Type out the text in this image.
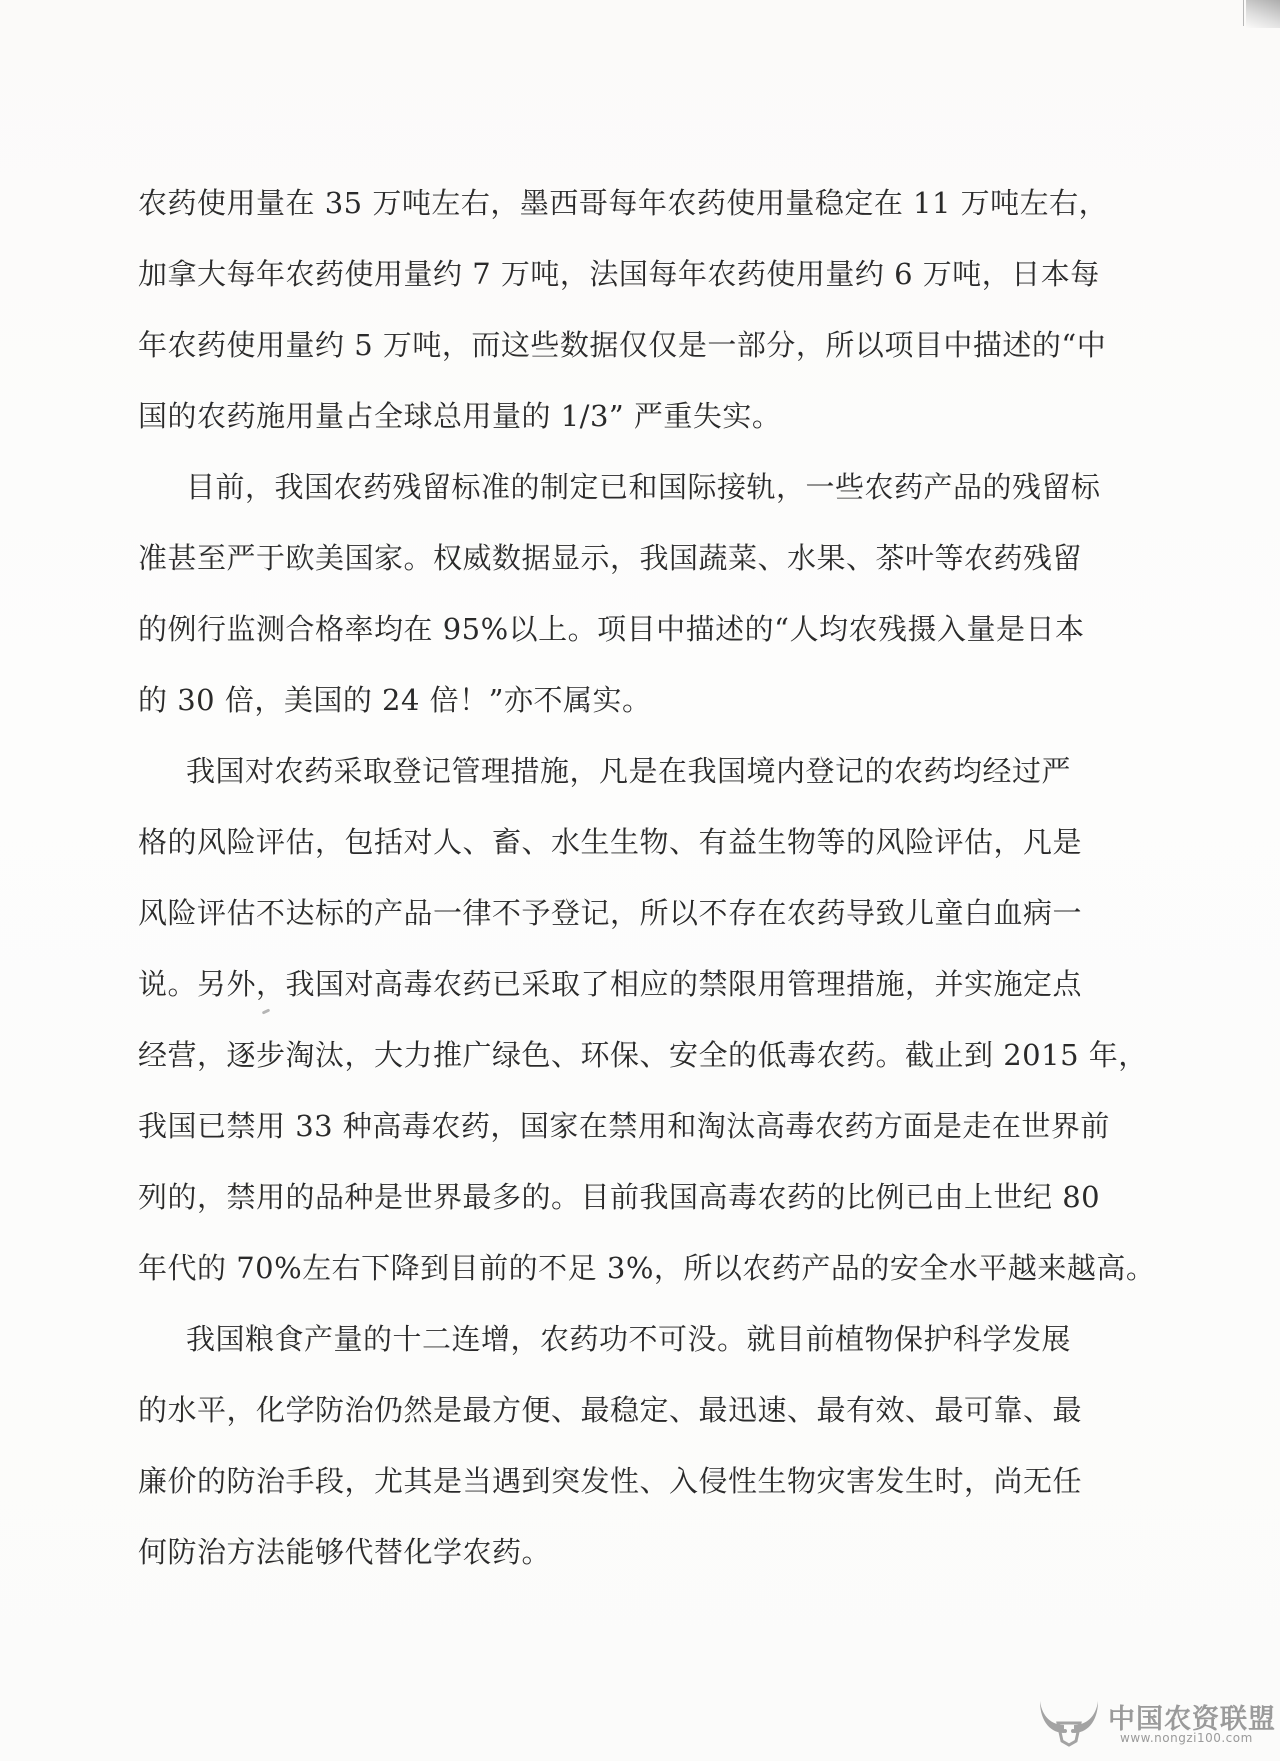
农药使用量在 35 万吨左右，墨西哥每年农药使用量稳定在 11 万吨左右，
加拿大每年农药使用量约 7 万吨，法国每年农药使用量约 6 万吨，日本每
年农药使用量约 5 万吨，而这些数据仅仅是一部分，所以项目中描述的“中
国的农药施用量占全球总用量的 1/3” 严重失实。
目前，我国农药残留标准的制定已和国际接轨，一些农药产品的残留标
准甚至严于欧美国家。权威数据显示，我国蔬菜、水果、茶叶等农药残留
的例行监测合格率均在 95%以上。项目中描述的“人均农残摄入量是日本
的 30 倍，美国的 24 倍！”亦不属实。
我国对农药采取登记管理措施，凡是在我国境内登记的农药均经过严
格的风险评估，包括对人、畜、水生生物、有益生物等的风险评估，凡是
风险评估不达标的产品一律不予登记，所以不存在农药导致儿童白血病一
说。另外，我国对高毒农药已采取了相应的禁限用管理措施，并实施定点
经营，逐步淘汰，大力推广绿色、环保、安全的低毒农药。截止到 2015 年，
我国已禁用 33 种高毒农药，国家在禁用和淘汰高毒农药方面是走在世界前
列的，禁用的品种是世界最多的。目前我国高毒农药的比例已由上世纪 80
年代的 70%左右下降到目前的不足 3%，所以农药产品的安全水平越来越高。
我国粮食产量的十二连增，农药功不可没。就目前植物保护科学发展
的水平，化学防治仍然是最方便、最稳定、最迅速、最有效、最可靠、最
廉价的防治手段，尤其是当遇到突发性、入侵性生物灾害发生时，尚无任
何防治方法能够代替化学农药。
中国农资联盟
www.nongzi100.com
